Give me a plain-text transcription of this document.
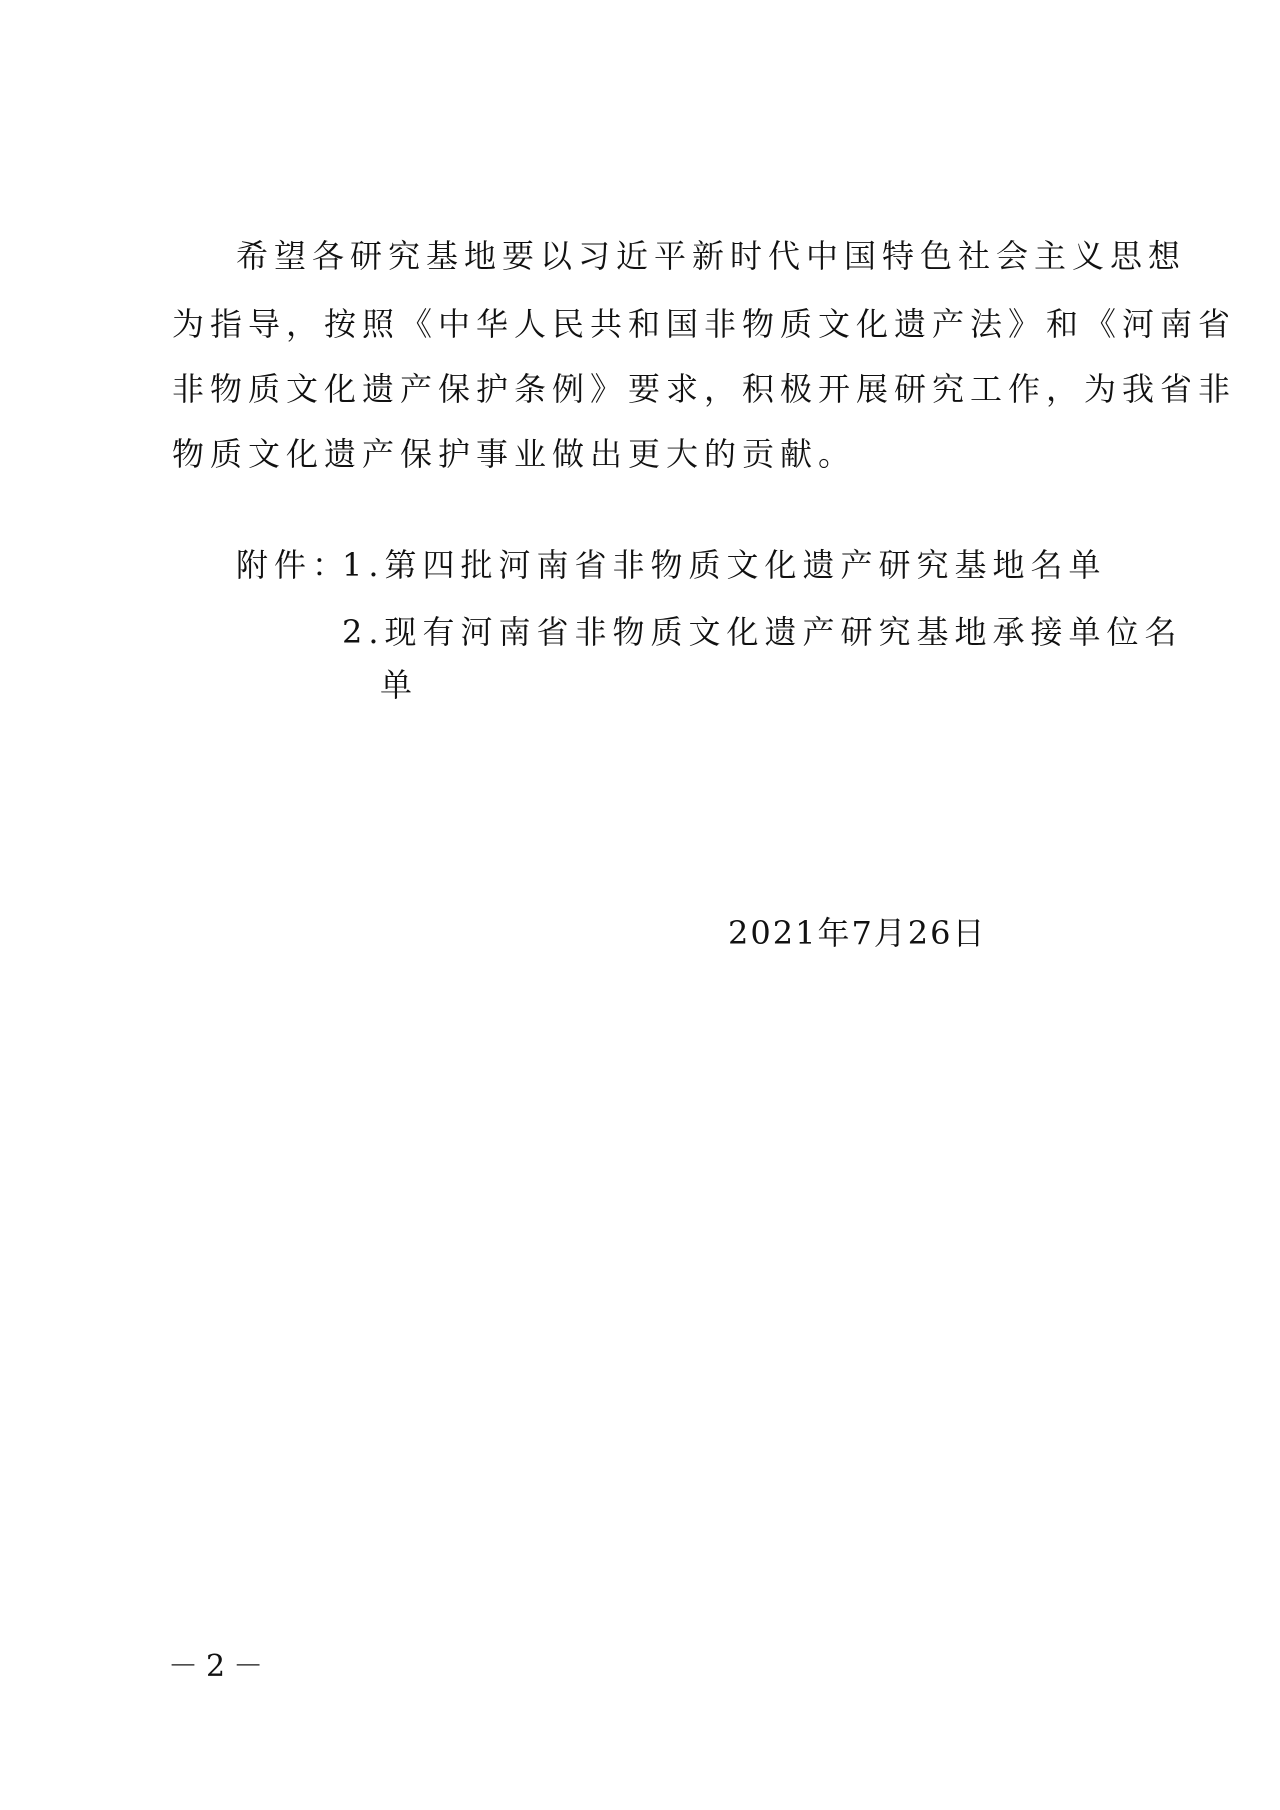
希望各研究基地要以习近平新时代中国特色社会主义思想
为指导，按照《中华人民共和国非物质文化遗产法》和《河南省
非物质文化遗产保护条例》要求，积极开展研究工作，为我省非
物质文化遗产保护事业做出更大的贡献。
附件：
1.第四批河南省非物质文化遗产研究基地名单
2.现有河南省非物质文化遗产研究基地承接单位名
单
2021年7月26日
－2－
